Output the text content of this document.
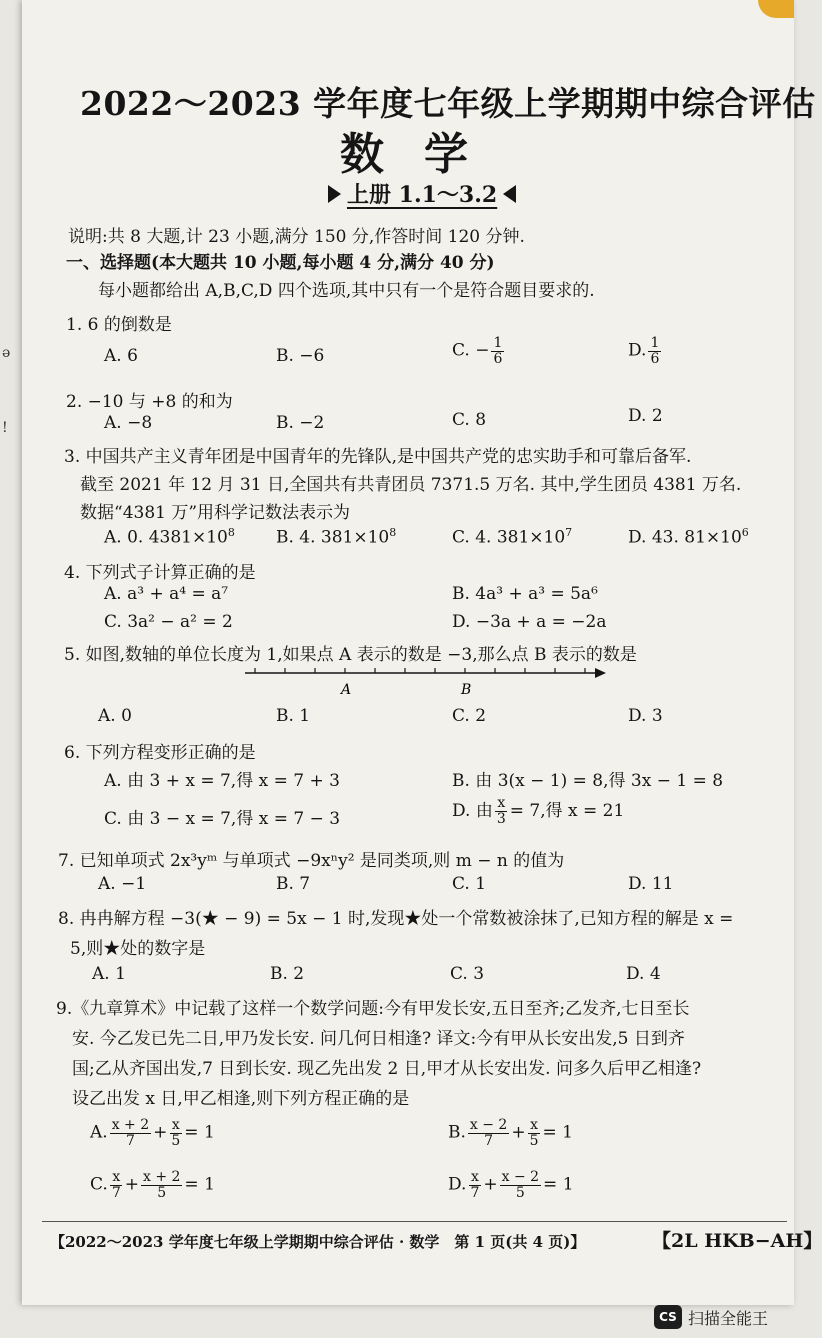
ə
!
2022～2023 学年度七年级上学期期中综合评估
数学
上册 1.1～3.2
说明:共 8 大题,计 23 小题,满分 150 分,作答时间 120 分钟.
一、选择题(本大题共 10 小题,每小题 4 分,满分 40 分)
每小题都给出 A,B,C,D 四个选项,其中只有一个是符合题目要求的.
1. 6 的倒数是
A. 6	B. −6	C. − $\frac{1}{6}$	D. $\frac{1}{6}$
2. −10 与 +8 的和为
A. −8	B. −2	C. 8	D. 2
3. 中国共产主义青年团是中国青年的先锋队,是中国共产党的忠实助手和可靠后备军.
截至 2021 年 12 月 31 日,全国共有共青团员 7371.5 万名. 其中,学生团员 4381 万名.
数据“4381 万”用科学记数法表示为
A. 0. $4381\times 10^8$ B. 4. $381\times 10^8$	C. 4. $381\times 10^7$	D. 43. $81\times 10^6$
4. 下列式子计算正确的是
A. a³ + a⁴ = a⁷	B. 4a³ + a³ = 5a⁶
C. 3a² − a² = 2	D. −3a + a = −2a
5. 如图,数轴的单位长度为 1,如果点 A 表示的数是 −3,那么点 B 表示的数是
A	B
A. 0	B. 1	C. 2	D. 3
6. 下列方程变形正确的是
A. 由 3 + x = 7,得 x = 7 + 3	B. 由 3(x − 1) = 8,得 3x − 1 = 8
C. 由 3 − x = 7,得 x = 7 − 3	D. 由 $\frac{x}{3} = 7$,得 x = 21
7. 已知单项式 2x³yᵐ 与单项式 −9xⁿy² 是同类项,则 m − n 的值为
A. −1	B. 7	C. 1	D. 11
8. 冉冉解方程 −3(★ − 9) = 5x − 1 时,发现★处一个常数被涂抹了,已知方程的解是 x =
5,则★处的数字是
A. 1	B. 2	C. 3	D. 4
9.《九章算术》中记载了这样一个数学问题:今有甲发长安,五日至齐;乙发齐,七日至长
安. 今乙发已先二日,甲乃发长安. 问几何日相逢? 译文:今有甲从长安出发,5 日到齐
国;乙从齐国出发,7 日到长安. 现乙先出发 2 日,甲才从长安出发. 问多久后甲乙相逢?
设乙出发 x 日,甲乙相逢,则下列方程正确的是
A. $\frac{x + 2}{7} + \frac{x}{5} = 1$	B. $\frac{x - 2}{7} + \frac{x}{5} = 1$
C. $\frac{x}{7} + \frac{x + 2}{5} = 1$	D. $\frac{x}{7} + \frac{x - 2}{5} = 1$
【2022～2023 学年度七年级上学期期中综合评估 · 数学　第 1 页(共 4 页)】	【2L HKB−AH】
CS 扫描全能王
